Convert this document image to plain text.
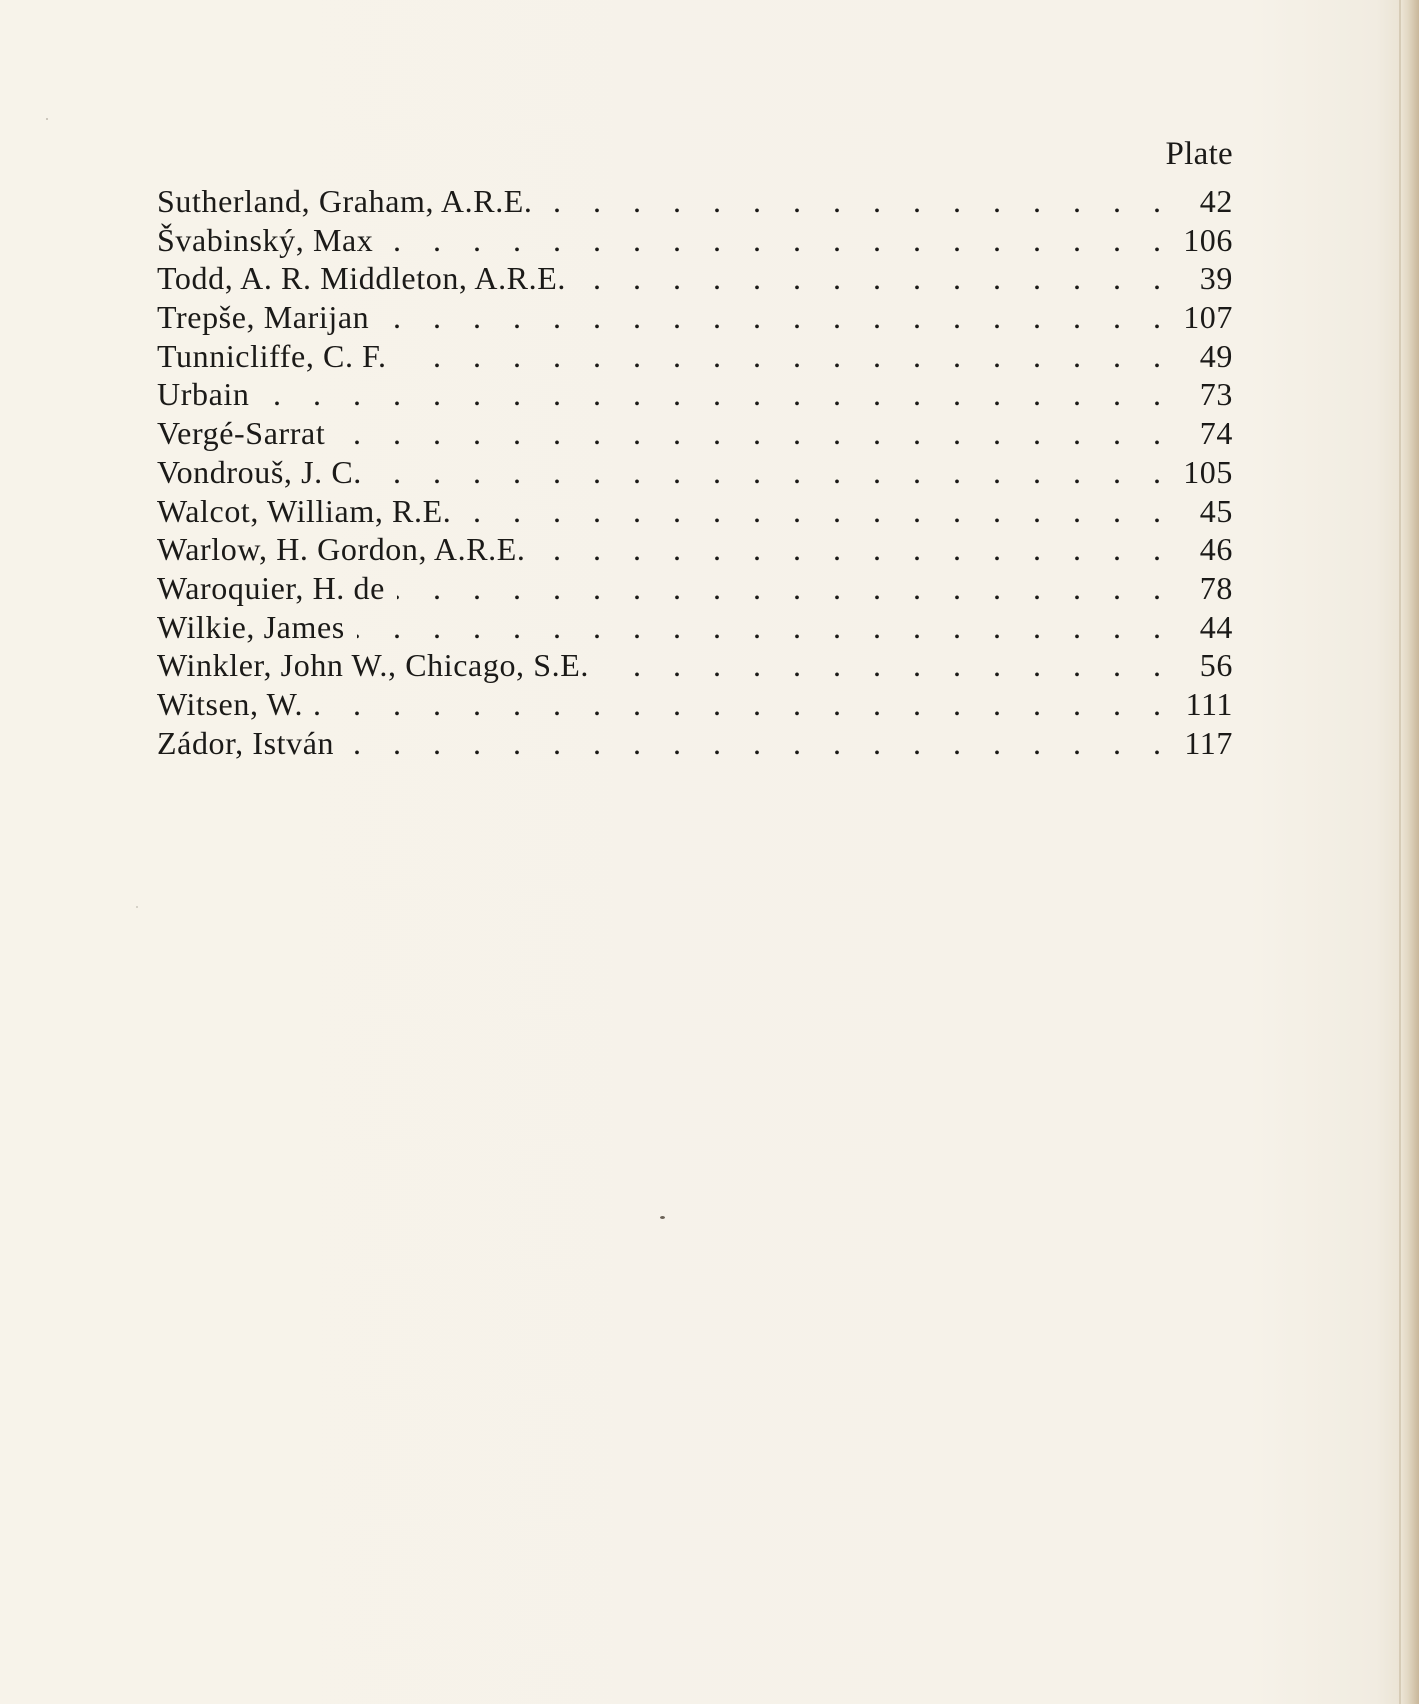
Plate
Sutherland, Graham, A.R.E. . . .	42
Švabinský, Max . . .	106
Todd, A. R. Middleton, A.R.E. . . .	39
Trepše, Marijan . . .	107
Tunnicliffe, C. F. . . .	49
Urbain . . .	73
Vergé-Sarrat . . .	74
Vondrouš, J. C. . . .	105
Walcot, William, R.E. . . .	45
Warlow, H. Gordon, A.R.E. . . .	46
Waroquier, H. de . . .	78
Wilkie, James . . .	44
Winkler, John W., Chicago, S.E. . . .	56
Witsen, W. . . .	111
Zádor, István . . .	117
